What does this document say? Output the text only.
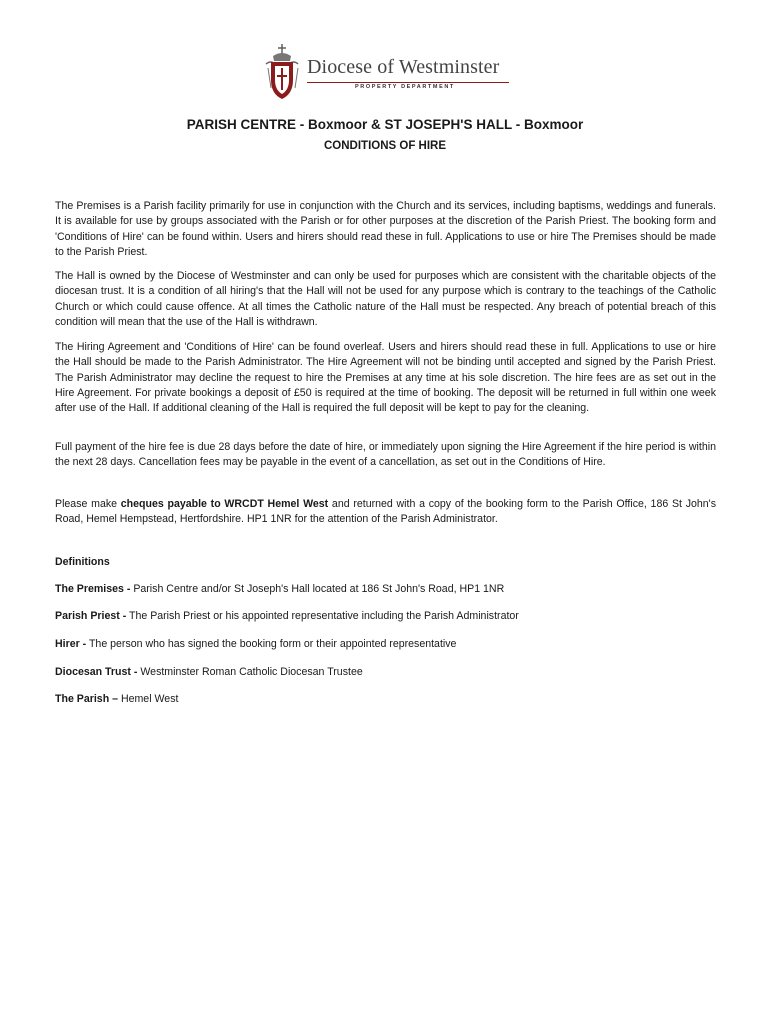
Diocese of Westminster
PROPERTY DEPARTMENT
PARISH CENTRE - Boxmoor & ST JOSEPH'S HALL - Boxmoor
CONDITIONS OF HIRE

The Premises is a Parish facility primarily for use in conjunction with the Church and its services, including baptisms, weddings and funerals. It is available for use by groups associated with the Parish or for other purposes at the discretion of the Parish Priest. The booking form and 'Conditions of Hire' can be found within. Users and hirers should read these in full. Applications to use or hire The Premises should be made to the Parish Priest.

The Hall is owned by the Diocese of Westminster and can only be used for purposes which are consistent with the charitable objects of the diocesan trust. It is a condition of all hiring's that the Hall will not be used for any purpose which is contrary to the teachings of the Catholic Church or which could cause offence. At all times the Catholic nature of the Hall must be respected. Any breach of potential breach of this condition will mean that the use of the Hall is withdrawn.

The Hiring Agreement and 'Conditions of Hire' can be found overleaf. Users and hirers should read these in full. Applications to use or hire the Hall should be made to the Parish Administrator. The Hire Agreement will not be binding until accepted and signed by the Parish Priest. The Parish Administrator may decline the request to hire the Premises at any time at his sole discretion. The hire fees are as set out in the Hire Agreement. For private bookings a deposit of £50 is required at the time of booking. The deposit will be returned in full within one week after use of the Hall. If additional cleaning of the Hall is required the full deposit will be kept to pay for the cleaning.

Full payment of the hire fee is due 28 days before the date of hire, or immediately upon signing the Hire Agreement if the hire period is within the next 28 days. Cancellation fees may be payable in the event of a cancellation, as set out in the Conditions of Hire.

Please make cheques payable to WRCDT Hemel West and returned with a copy of the booking form to the Parish Office, 186 St John's Road, Hemel Hempstead, Hertfordshire. HP1 1NR for the attention of the Parish Administrator.

Definitions

The Premises - Parish Centre and/or St Joseph's Hall located at 186 St John's Road, HP1 1NR

Parish Priest - The Parish Priest or his appointed representative including the Parish Administrator

Hirer - The person who has signed the booking form or their appointed representative

Diocesan Trust - Westminster Roman Catholic Diocesan Trustee

The Parish – Hemel West
